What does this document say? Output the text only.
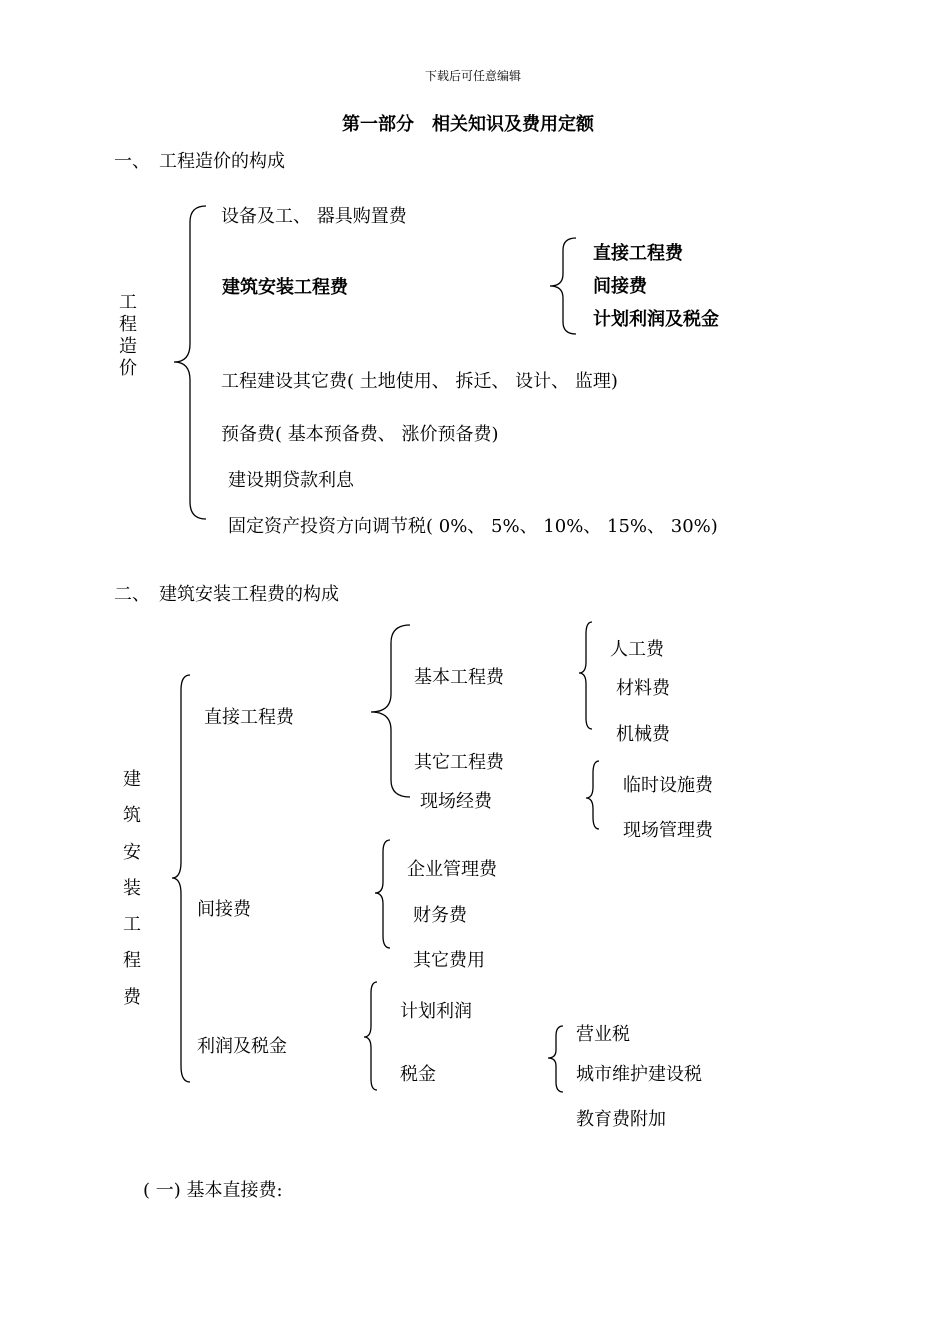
下载后可任意编辑
第一部分　相关知识及费用定额
一、　工程造价的构成
工程造价
设备及工、 器具购置费
建筑安装工程费
直接工程费
间接费
计划利润及税金
工程建设其它费( 土地使用、 拆迁、 设计、 监理)
预备费( 基本预备费、 涨价预备费)
建设期贷款利息
固定资产投资方向调节税( 0%、 5%、 10%、 15%、 30%)
二、　建筑安装工程费的构成
建筑安装工程费
直接工程费
基本工程费
人工费
材料费
机械费
其它工程费
现场经费
临时设施费
现场管理费
间接费
企业管理费
财务费
其它费用
利润及税金
计划利润
税金
营业税
城市维护建设税
教育费附加
( 一) 基本直接费:
